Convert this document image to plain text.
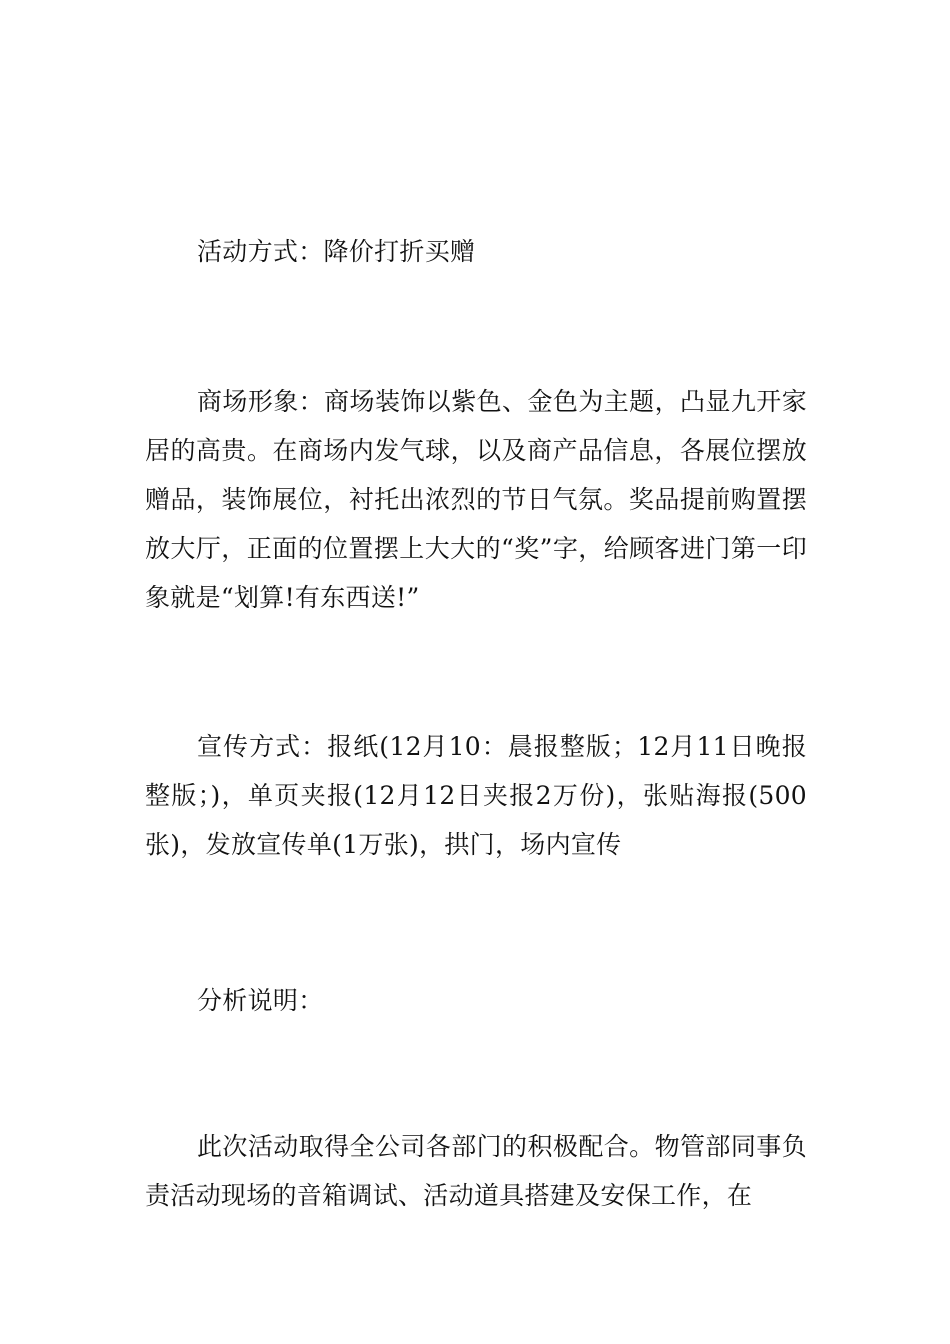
活动方式：降价打折买赠

商场形象：商场装饰以紫色、金色为主题，凸显九开家居的高贵。在商场内发气球，以及商产品信息，各展位摆放赠品，装饰展位，衬托出浓烈的节日气氛。奖品提前购置摆放大厅，正面的位置摆上大大的“奖”字，给顾客进门第一印象就是“划算!有东西送!”

宣传方式：报纸(12月10：晨报整版；12月11日晚报整版；)，单页夹报(12月12日夹报2万份)，张贴海报(500张)，发放宣传单(1万张)，拱门，场内宣传

分析说明：

此次活动取得全公司各部门的积极配合。物管部同事负责活动现场的音箱调试、活动道具搭建及安保工作，在
